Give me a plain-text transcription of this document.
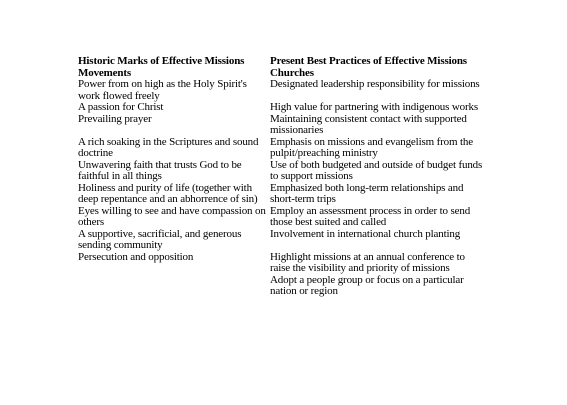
Historic Marks of Effective Missions Movements	Present Best Practices of Effective Missions Churches
Power from on high as the Holy Spirit's work flowed freely	Designated leadership responsibility for missions
A passion for Christ	High value for partnering with indigenous works
Prevailing prayer	Maintaining consistent contact with supported missionaries
A rich soaking in the Scriptures and sound doctrine	Emphasis on missions and evangelism from the pulpit/preaching ministry
Unwavering faith that trusts God to be faithful in all things	Use of both budgeted and outside of budget funds to support missions
Holiness and purity of life (together with deep repentance and an abhorrence of sin)	Emphasized both long-term relationships and short-term trips
Eyes willing to see and have compassion on others	Employ an assessment process in order to send those best suited and called
A supportive, sacrificial, and generous sending community	Involvement in international church planting
Persecution and opposition	Highlight missions at an annual conference to raise the visibility and priority of missions
	Adopt a people group or focus on a particular nation or region
